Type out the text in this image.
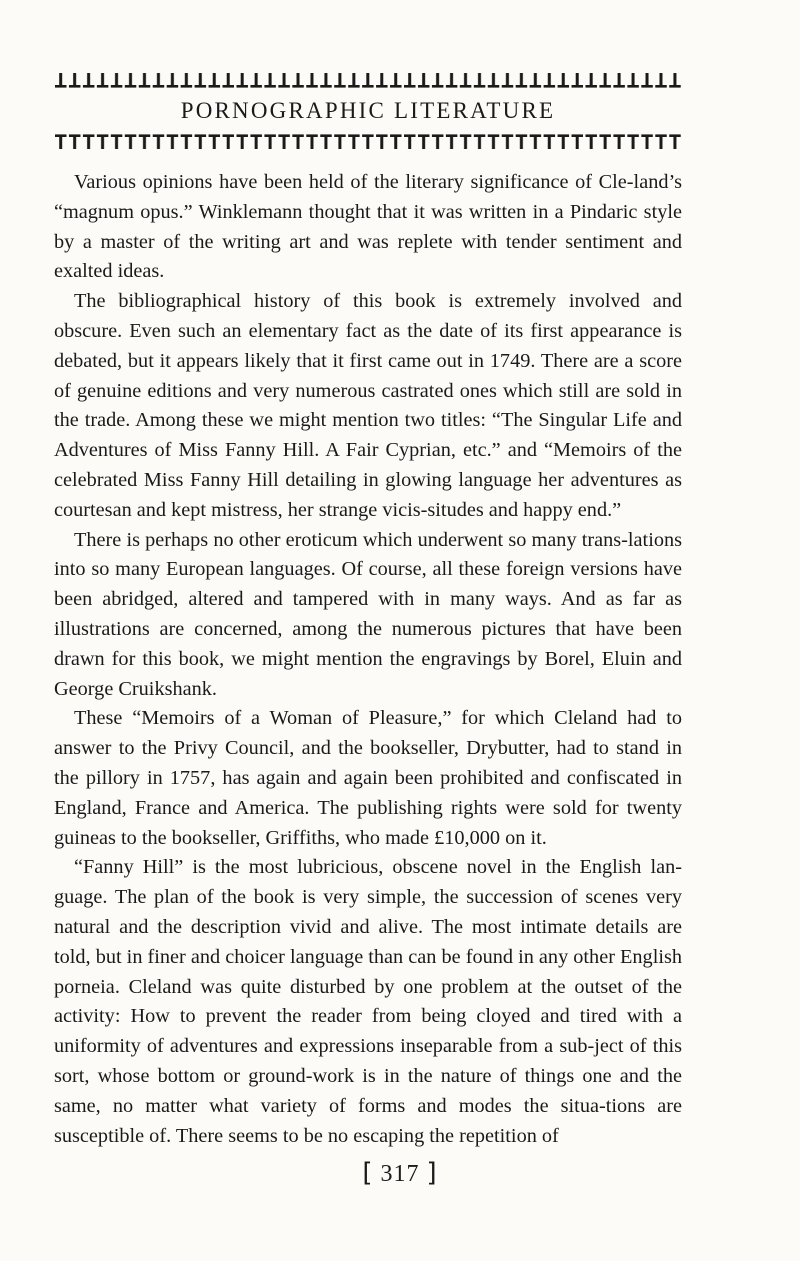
PORNOGRAPHIC LITERATURE

Various opinions have been held of the literary significance of Cle-land’s “magnum opus.” Winklemann thought that it was written in a Pindaric style by a master of the writing art and was replete with tender sentiment and exalted ideas.

The bibliographical history of this book is extremely involved and obscure. Even such an elementary fact as the date of its first appearance is debated, but it appears likely that it first came out in 1749. There are a score of genuine editions and very numerous castrated ones which still are sold in the trade. Among these we might mention two titles: “The Singular Life and Adventures of Miss Fanny Hill. A Fair Cyprian, etc.” and “Memoirs of the celebrated Miss Fanny Hill detailing in glowing language her adventures as courtesan and kept mistress, her strange vicis-situdes and happy end.”

There is perhaps no other eroticum which underwent so many trans-lations into so many European languages. Of course, all these foreign versions have been abridged, altered and tampered with in many ways. And as far as illustrations are concerned, among the numerous pictures that have been drawn for this book, we might mention the engravings by Borel, Eluin and George Cruikshank.

These “Memoirs of a Woman of Pleasure,” for which Cleland had to answer to the Privy Council, and the bookseller, Drybutter, had to stand in the pillory in 1757, has again and again been prohibited and confiscated in England, France and America. The publishing rights were sold for twenty guineas to the bookseller, Griffiths, who made £10,000 on it.

“Fanny Hill” is the most lubricious, obscene novel in the English lan-guage. The plan of the book is very simple, the succession of scenes very natural and the description vivid and alive. The most intimate details are told, but in finer and choicer language than can be found in any other English porneia. Cleland was quite disturbed by one problem at the outset of the activity: How to prevent the reader from being cloyed and tired with a uniformity of adventures and expressions inseparable from a sub-ject of this sort, whose bottom or ground-work is in the nature of things one and the same, no matter what variety of forms and modes the situa-tions are susceptible of. There seems to be no escaping the repetition of

[ 317 ]
